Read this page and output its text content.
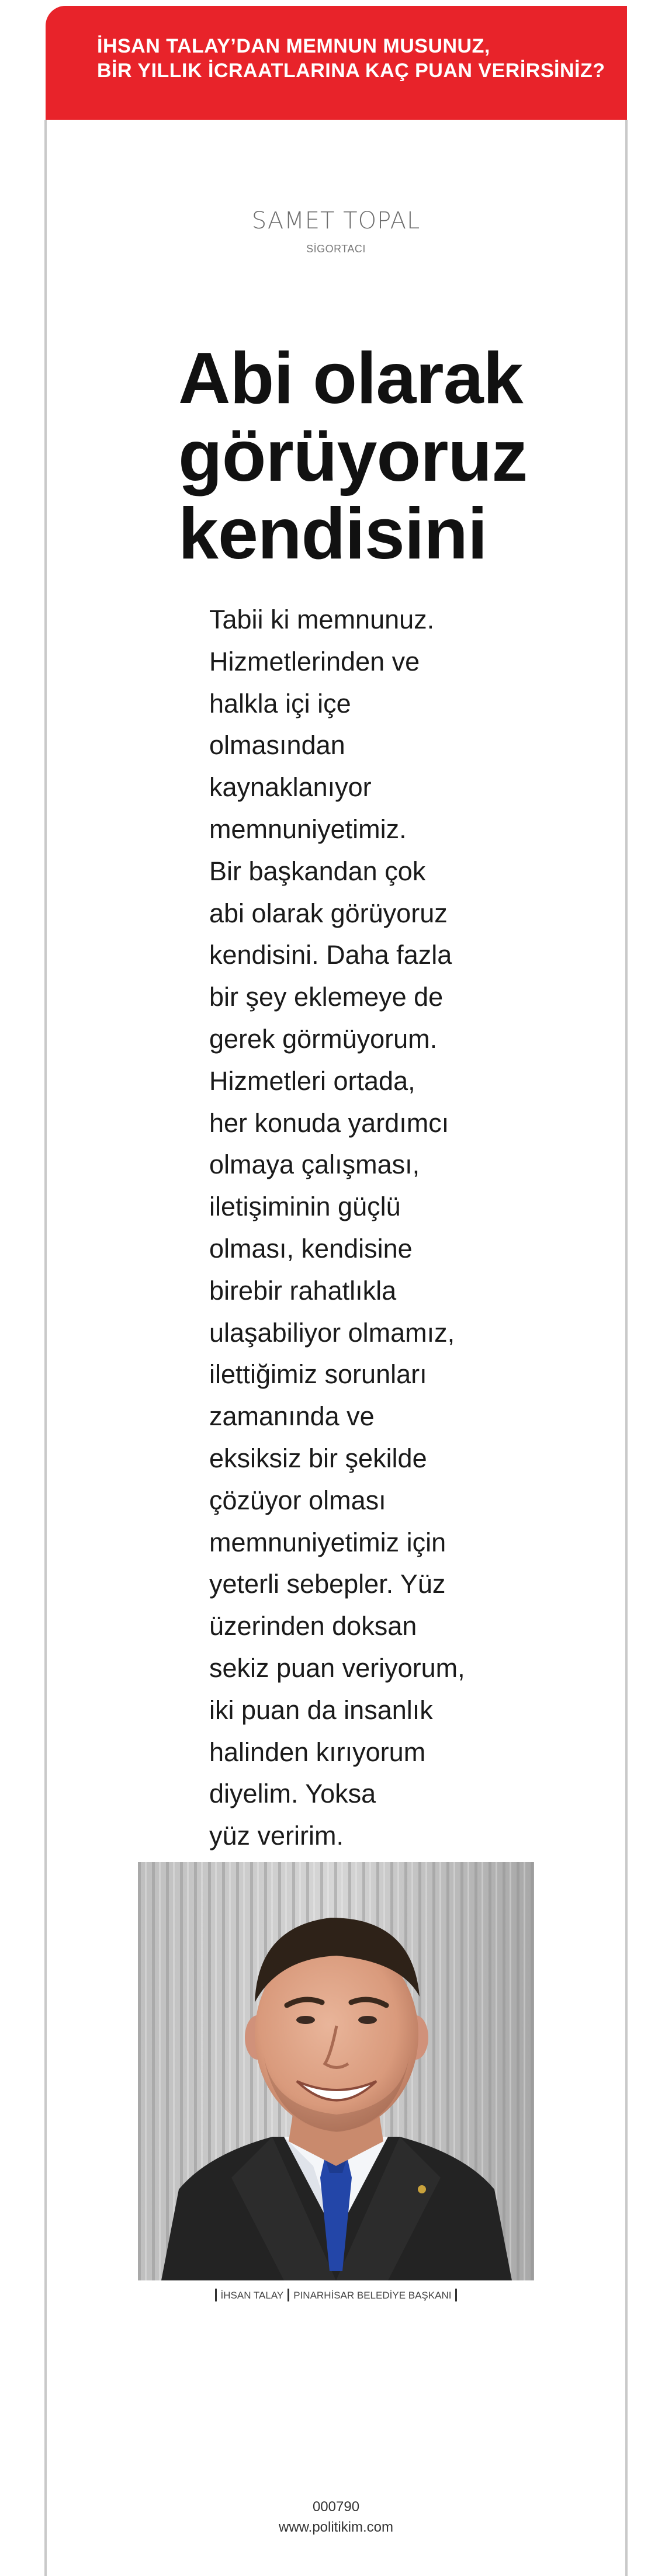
İHSAN TALAY’DAN MEMNUN MUSUNUZ,
BİR YILLIK İCRAATLARINA KAÇ PUAN VERİRSİNİZ?
SAMET TOPAL
SİGORTACI
Abi olarak
görüyoruz
kendisini
Tabii ki memnunuz.
Hizmetlerinden ve
halkla içi içe
olmasından
kaynaklanıyor
memnuniyetimiz.
Bir başkandan çok
abi olarak görüyoruz
kendisini. Daha fazla
bir şey eklemeye de
gerek görmüyorum.
Hizmetleri ortada,
her konuda yardımcı
olmaya çalışması,
iletişiminin güçlü
olması, kendisine
birebir rahatlıkla
ulaşabiliyor olmamız,
ilettiğimiz sorunları
zamanında ve
eksiksiz bir şekilde
çözüyor olması
memnuniyetimiz için
yeterli sebepler. Yüz
üzerinden doksan
sekiz puan veriyorum,
iki puan da insanlık
halinden kırıyorum
diyelim. Yoksa
yüz veririm.
İHSAN TALAY PINARHİSAR BELEDİYE BAŞKANI
000790
www.politikim.com
